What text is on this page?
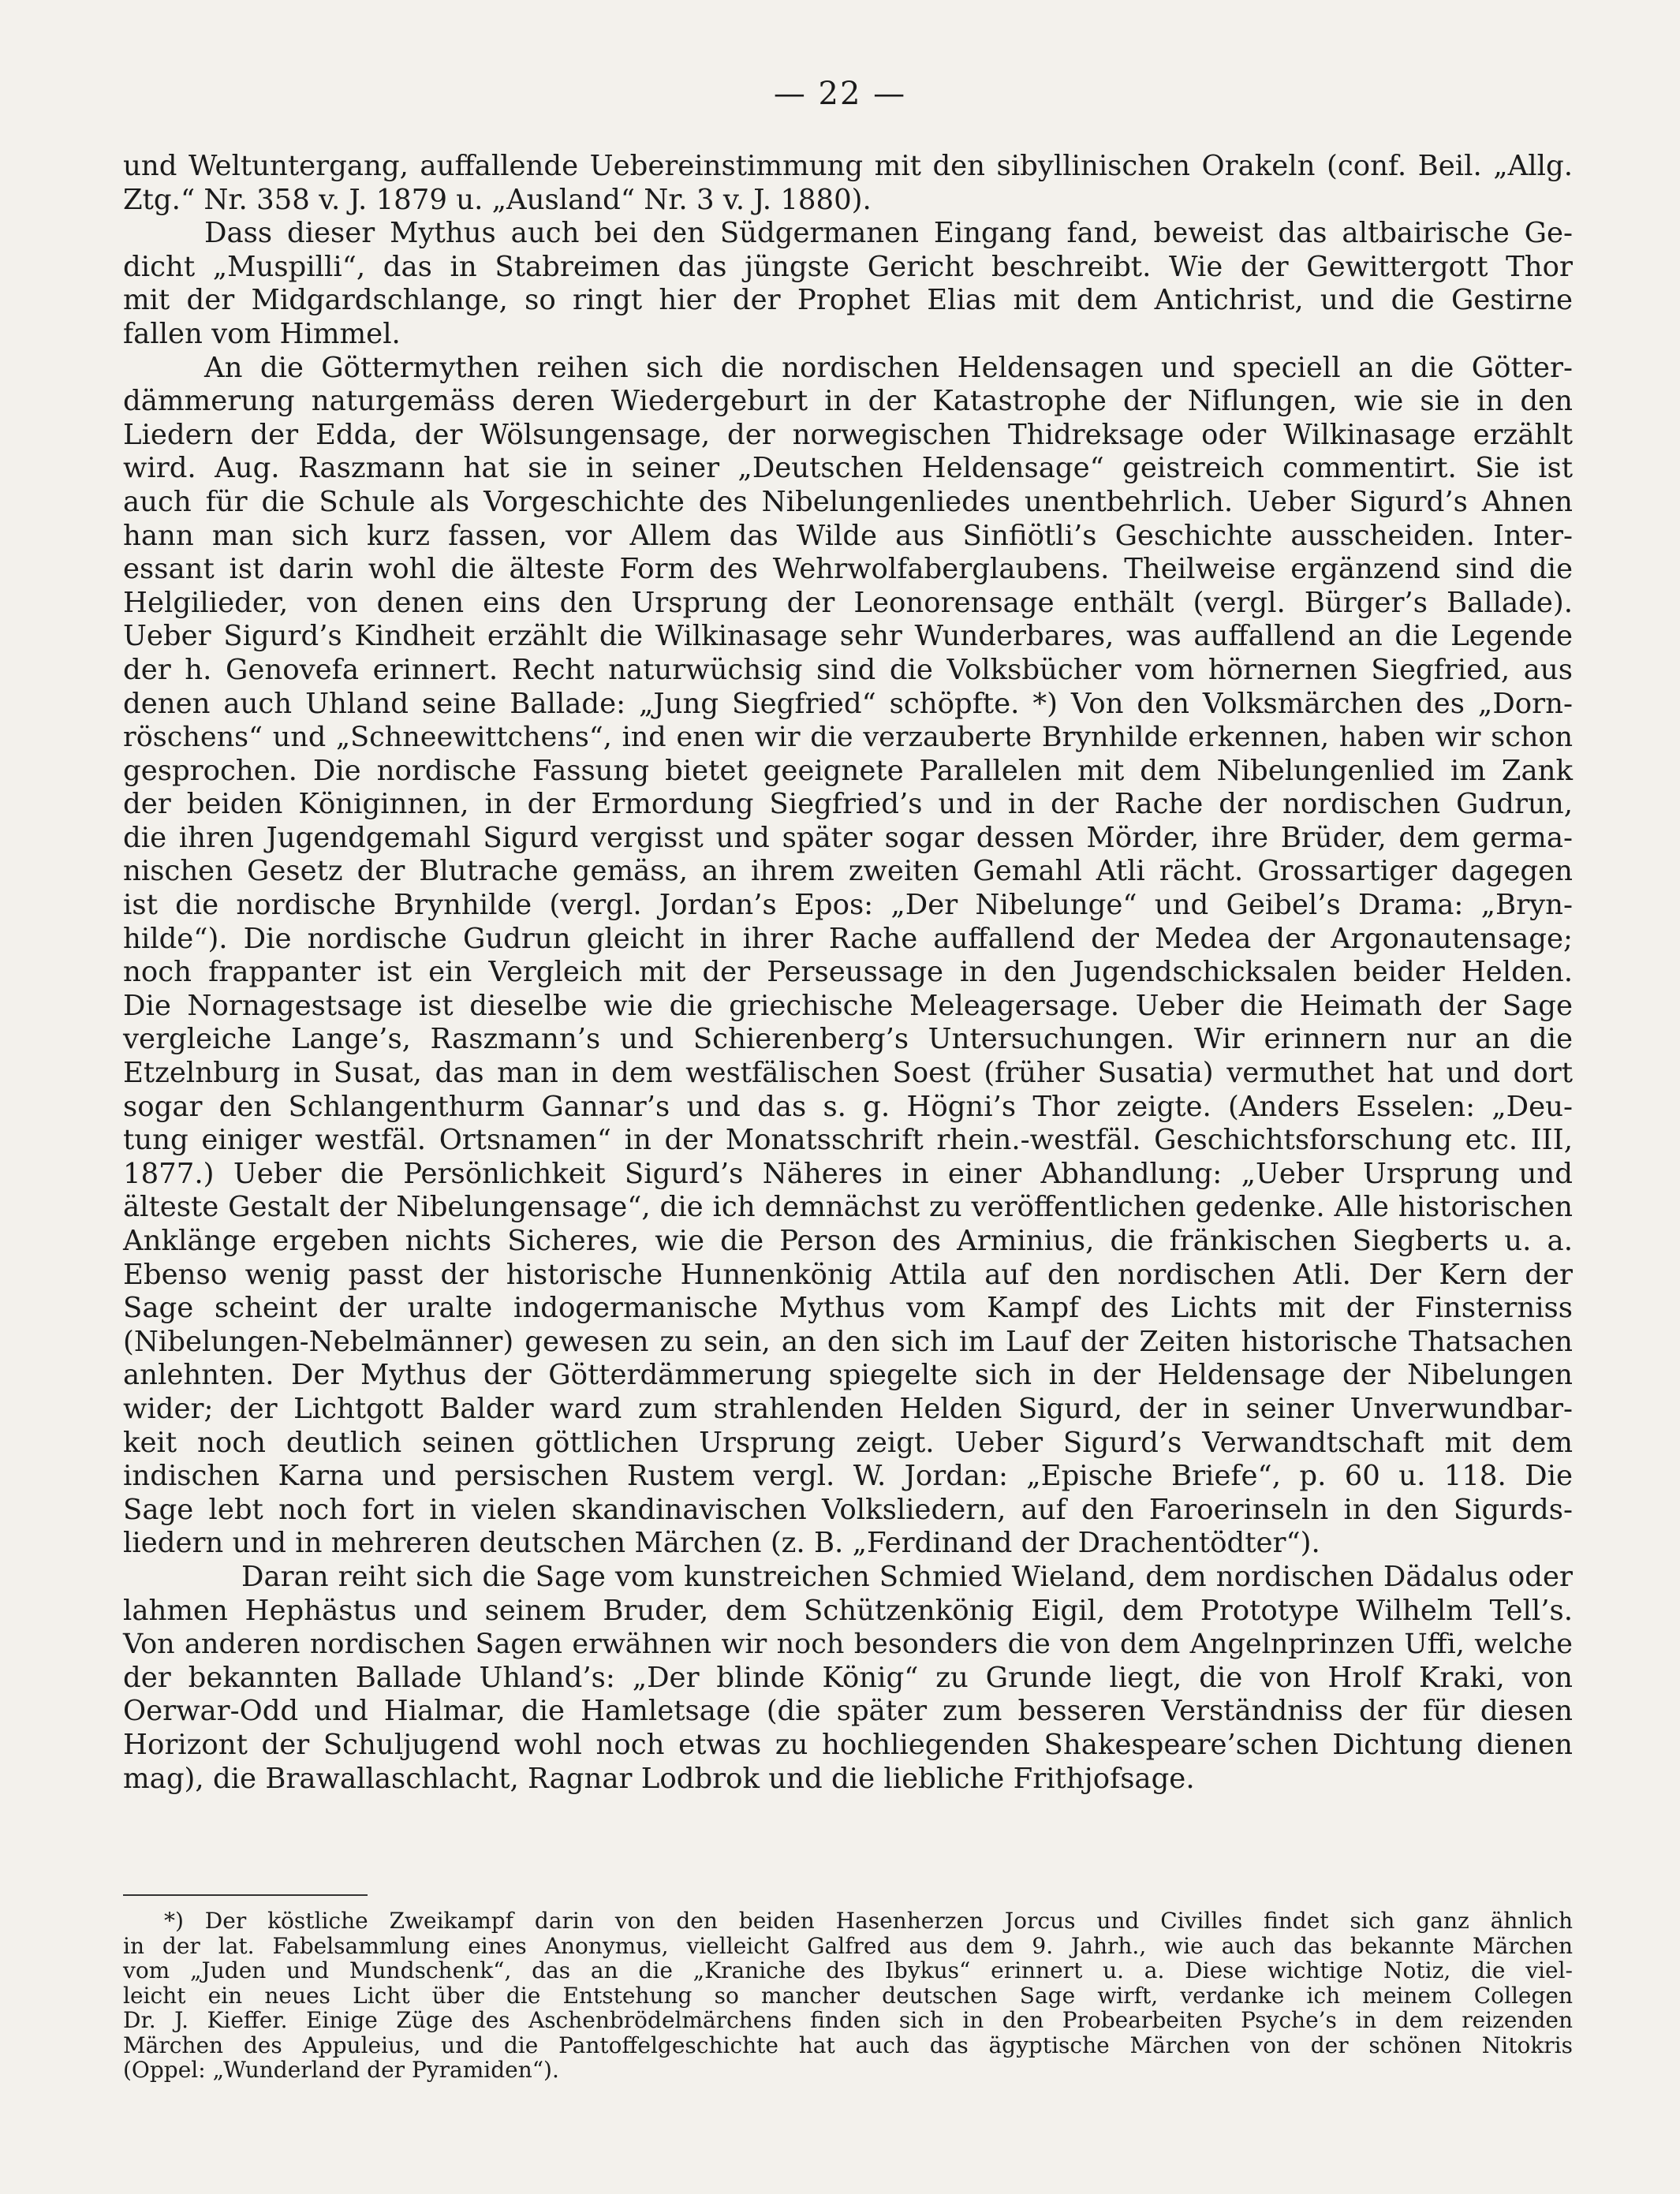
— 22 —
und Weltuntergang, auffallende Uebereinstimmung mit den sibyllinischen Orakeln (conf. Beil. „Allg.
Ztg.“ Nr. 358 v. J. 1879 u. „Ausland“ Nr. 3 v. J. 1880).
Dass dieser Mythus auch bei den Südgermanen Eingang fand, beweist das altbairische Ge-
dicht „Muspilli“, das in Stabreimen das jüngste Gericht beschreibt. Wie der Gewittergott Thor
mit der Midgardschlange, so ringt hier der Prophet Elias mit dem Antichrist, und die Gestirne
fallen vom Himmel.
An die Göttermythen reihen sich die nordischen Heldensagen und speciell an die Götter-
dämmerung naturgemäss deren Wiedergeburt in der Katastrophe der Niflungen, wie sie in den
Liedern der Edda, der Wölsungensage, der norwegischen Thidreksage oder Wilkinasage erzählt
wird. Aug. Raszmann hat sie in seiner „Deutschen Heldensage“ geistreich commentirt. Sie ist
auch für die Schule als Vorgeschichte des Nibelungenliedes unentbehrlich. Ueber Sigurd’s Ahnen
hann man sich kurz fassen, vor Allem das Wilde aus Sinfiötli’s Geschichte ausscheiden. Inter-
essant ist darin wohl die älteste Form des Wehrwolfaberglaubens. Theilweise ergänzend sind die
Helgilieder, von denen eins den Ursprung der Leonorensage enthält (vergl. Bürger’s Ballade).
Ueber Sigurd’s Kindheit erzählt die Wilkinasage sehr Wunderbares, was auffallend an die Legende
der h. Genovefa erinnert. Recht naturwüchsig sind die Volksbücher vom hörnernen Siegfried, aus
denen auch Uhland seine Ballade: „Jung Siegfried“ schöpfte. *) Von den Volksmärchen des „Dorn-
röschens“ und „Schneewittchens“, ind enen wir die verzauberte Brynhilde erkennen, haben wir schon
gesprochen. Die nordische Fassung bietet geeignete Parallelen mit dem Nibelungenlied im Zank
der beiden Königinnen, in der Ermordung Siegfried’s und in der Rache der nordischen Gudrun,
die ihren Jugendgemahl Sigurd vergisst und später sogar dessen Mörder, ihre Brüder, dem germa-
nischen Gesetz der Blutrache gemäss, an ihrem zweiten Gemahl Atli rächt. Grossartiger dagegen
ist die nordische Brynhilde (vergl. Jordan’s Epos: „Der Nibelunge“ und Geibel’s Drama: „Bryn-
hilde“). Die nordische Gudrun gleicht in ihrer Rache auffallend der Medea der Argonautensage;
noch frappanter ist ein Vergleich mit der Perseussage in den Jugendschicksalen beider Helden.
Die Nornagestsage ist dieselbe wie die griechische Meleagersage. Ueber die Heimath der Sage
vergleiche Lange’s, Raszmann’s und Schierenberg’s Untersuchungen. Wir erinnern nur an die
Etzelnburg in Susat, das man in dem westfälischen Soest (früher Susatia) vermuthet hat und dort
sogar den Schlangenthurm Gannar’s und das s. g. Högni’s Thor zeigte. (Anders Esselen: „Deu-
tung einiger westfäl. Ortsnamen“ in der Monatsschrift rhein.-westfäl. Geschichtsforschung etc. III,
1877.) Ueber die Persönlichkeit Sigurd’s Näheres in einer Abhandlung: „Ueber Ursprung und
älteste Gestalt der Nibelungensage“, die ich demnächst zu veröffentlichen gedenke. Alle historischen
Anklänge ergeben nichts Sicheres, wie die Person des Arminius, die fränkischen Siegberts u. a.
Ebenso wenig passt der historische Hunnenkönig Attila auf den nordischen Atli. Der Kern der
Sage scheint der uralte indogermanische Mythus vom Kampf des Lichts mit der Finsterniss
(Nibelungen-Nebelmänner) gewesen zu sein, an den sich im Lauf der Zeiten historische Thatsachen
anlehnten. Der Mythus der Götterdämmerung spiegelte sich in der Heldensage der Nibelungen
wider; der Lichtgott Balder ward zum strahlenden Helden Sigurd, der in seiner Unverwundbar-
keit noch deutlich seinen göttlichen Ursprung zeigt. Ueber Sigurd’s Verwandtschaft mit dem
indischen Karna und persischen Rustem vergl. W. Jordan: „Epische Briefe“, p. 60 u. 118. Die
Sage lebt noch fort in vielen skandinavischen Volksliedern, auf den Faroerinseln in den Sigurds-
liedern und in mehreren deutschen Märchen (z. B. „Ferdinand der Drachentödter“).
Daran reiht sich die Sage vom kunstreichen Schmied Wieland, dem nordischen Dädalus oder
lahmen Hephästus und seinem Bruder, dem Schützenkönig Eigil, dem Prototype Wilhelm Tell’s.
Von anderen nordischen Sagen erwähnen wir noch besonders die von dem Angelnprinzen Uffi, welche
der bekannten Ballade Uhland’s: „Der blinde König“ zu Grunde liegt, die von Hrolf Kraki, von
Oerwar-Odd und Hialmar, die Hamletsage (die später zum besseren Verständniss der für diesen
Horizont der Schuljugend wohl noch etwas zu hochliegenden Shakespeare’schen Dichtung dienen
mag), die Brawallaschlacht, Ragnar Lodbrok und die liebliche Frithjofsage.
*) Der köstliche Zweikampf darin von den beiden Hasenherzen Jorcus und Civilles findet sich ganz ähnlich
in der lat. Fabelsammlung eines Anonymus, vielleicht Galfred aus dem 9. Jahrh., wie auch das bekannte Märchen
vom „Juden und Mundschenk“, das an die „Kraniche des Ibykus“ erinnert u. a. Diese wichtige Notiz, die viel-
leicht ein neues Licht über die Entstehung so mancher deutschen Sage wirft, verdanke ich meinem Collegen
Dr. J. Kieffer. Einige Züge des Aschenbrödelmärchens finden sich in den Probearbeiten Psyche’s in dem reizenden
Märchen des Appuleius, und die Pantoffelgeschichte hat auch das ägyptische Märchen von der schönen Nitokris
(Oppel: „Wunderland der Pyramiden“).
